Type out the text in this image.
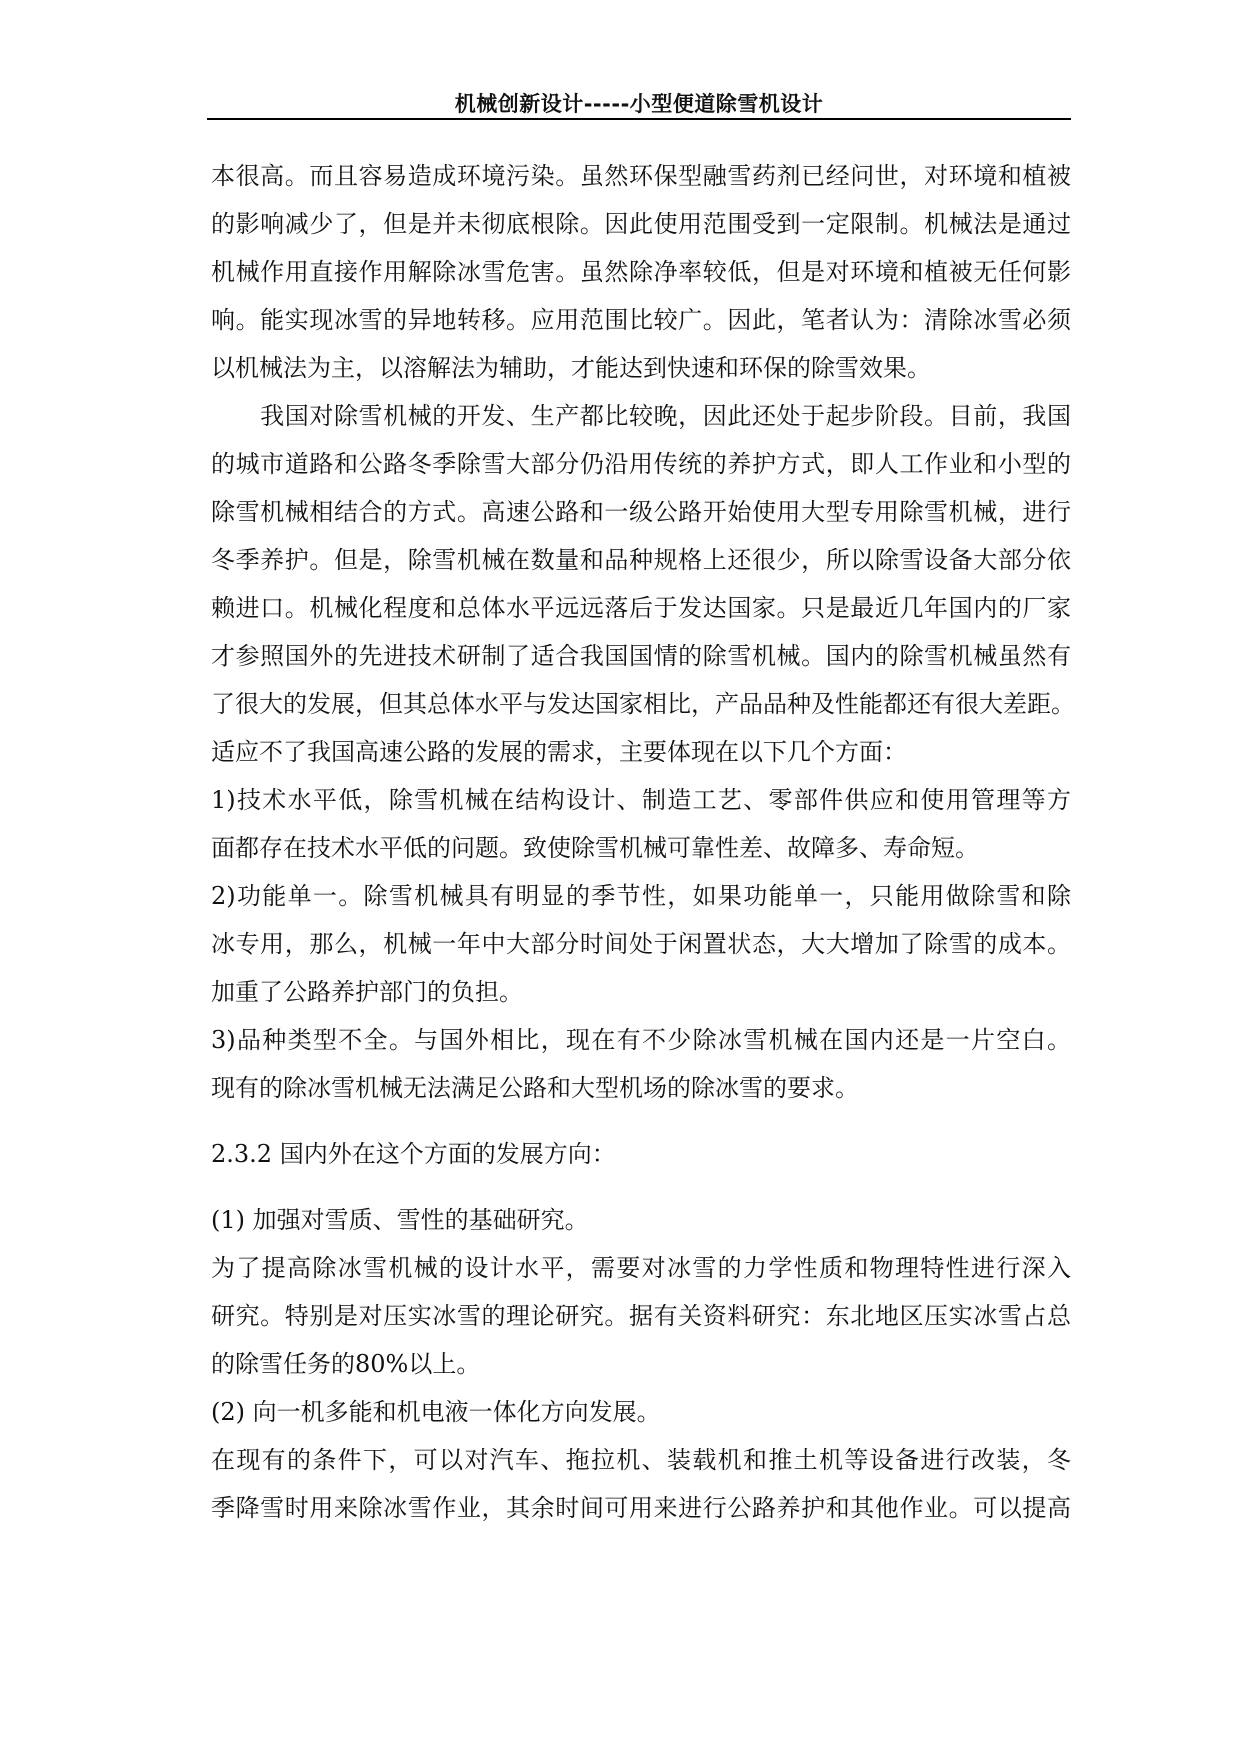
机械创新设计-----小型便道除雪机设计
本很高。而且容易造成环境污染。虽然环保型融雪药剂已经问世，对环境和植被
的影响减少了，但是并未彻底根除。因此使用范围受到一定限制。机械法是通过
机械作用直接作用解除冰雪危害。虽然除净率较低，但是对环境和植被无任何影
响。能实现冰雪的异地转移。应用范围比较广。因此，笔者认为：清除冰雪必须
以机械法为主，以溶解法为辅助，才能达到快速和环保的除雪效果。
　　我国对除雪机械的开发、生产都比较晚，因此还处于起步阶段。目前，我国
的城市道路和公路冬季除雪大部分仍沿用传统的养护方式，即人工作业和小型的
除雪机械相结合的方式。高速公路和一级公路开始使用大型专用除雪机械，进行
冬季养护。但是，除雪机械在数量和品种规格上还很少，所以除雪设备大部分依
赖进口。机械化程度和总体水平远远落后于发达国家。只是最近几年国内的厂家
才参照国外的先进技术研制了适合我国国情的除雪机械。国内的除雪机械虽然有
了很大的发展，但其总体水平与发达国家相比，产品品种及性能都还有很大差距。
适应不了我国高速公路的发展的需求，主要体现在以下几个方面：
1)技术水平低，除雪机械在结构设计、制造工艺、零部件供应和使用管理等方
面都存在技术水平低的问题。致使除雪机械可靠性差、故障多、寿命短。
2)功能单一。除雪机械具有明显的季节性，如果功能单一，只能用做除雪和除
冰专用，那么，机械一年中大部分时间处于闲置状态，大大增加了除雪的成本。
加重了公路养护部门的负担。
3)品种类型不全。与国外相比，现在有不少除冰雪机械在国内还是一片空白。
现有的除冰雪机械无法满足公路和大型机场的除冰雪的要求。
2.3.2 国内外在这个方面的发展方向：
(1) 加强对雪质、雪性的基础研究。
为了提高除冰雪机械的设计水平，需要对冰雪的力学性质和物理特性进行深入
研究。特别是对压实冰雪的理论研究。据有关资料研究：东北地区压实冰雪占总
的除雪任务的80%以上。
(2) 向一机多能和机电液一体化方向发展。
在现有的条件下，可以对汽车、拖拉机、装载机和推土机等设备进行改装，冬
季降雪时用来除冰雪作业，其余时间可用来进行公路养护和其他作业。可以提高
